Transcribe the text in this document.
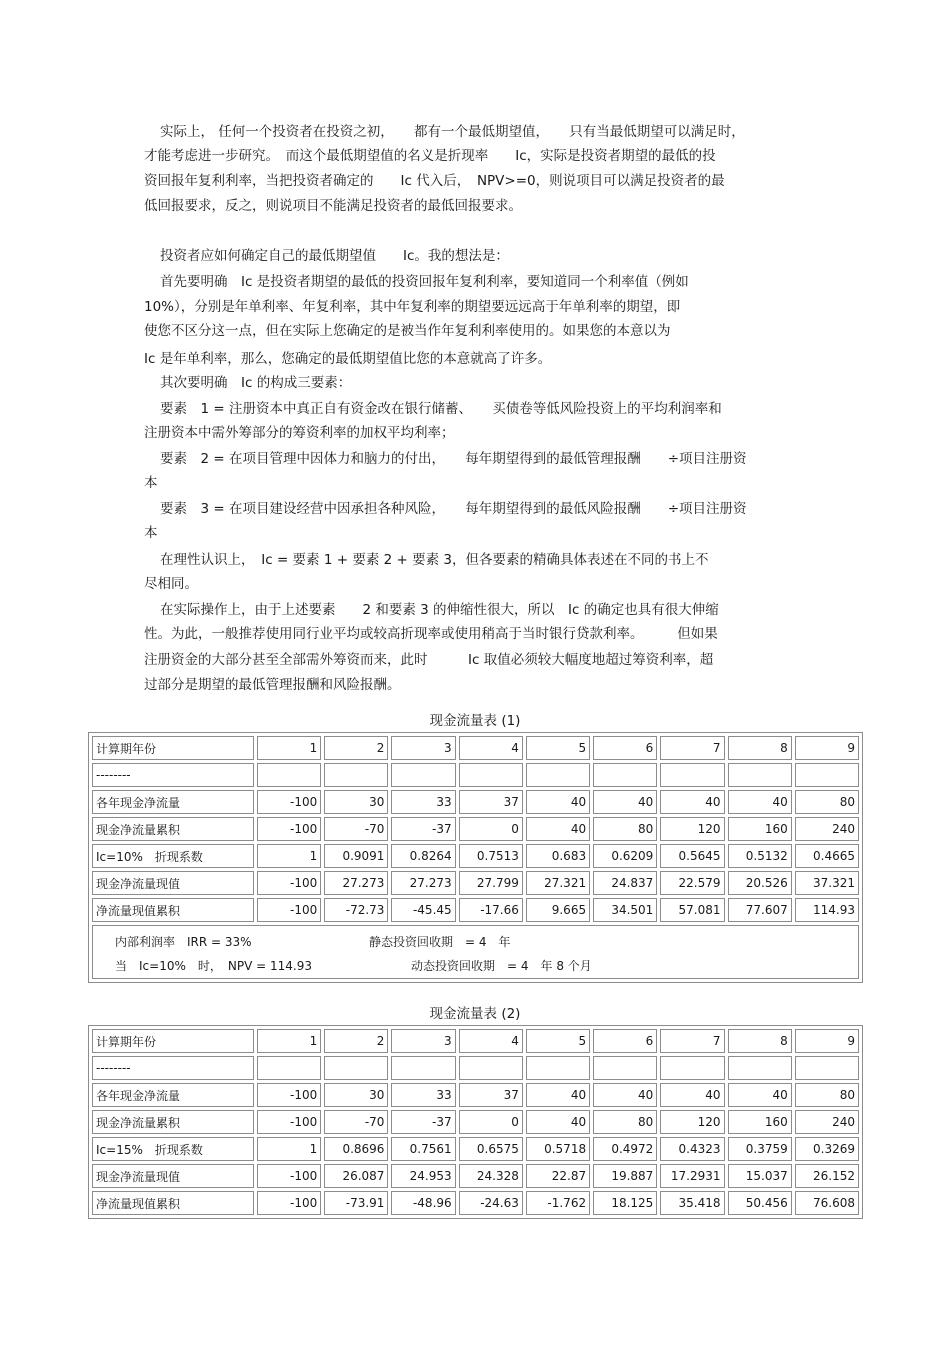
实际上， 任何一个投资者在投资之初，　　都有一个最低期望值，　　只有当最低期望可以满足时，
才能考虑进一步研究。　而这个最低期望值的名义是折现率　　Ic，实际是投资者期望的最低的投
资回报年复利利率，当把投资者确定的　　Ic 代入后，　NPV>=0，则说项目可以满足投资者的最
低回报要求，反之，则说项目不能满足投资者的最低回报要求。
投资者应如何确定自己的最低期望值　　Ic。我的想法是：
首先要明确　Ic 是投资者期望的最低的投资回报年复利利率，要知道同一个利率值（例如
10%），分别是年单利率、年复利率，其中年复利率的期望要远远高于年单利率的期望，即
使您不区分这一点，但在实际上您确定的是被当作年复利利率使用的。如果您的本意以为
Ic 是年单利率，那么，您确定的最低期望值比您的本意就高了许多。
其次要明确　Ic 的构成三要素：
要素　1 = 注册资本中真正自有资金改在银行储蓄、　　买债卷等低风险投资上的平均利润率和
注册资本中需外筹部分的筹资利率的加权平均利率；
要素　2 = 在项目管理中因体力和脑力的付出，　　每年期望得到的最低管理报酬　　÷项目注册资
本
要素　3 = 在项目建设经营中因承担各种风险，　　每年期望得到的最低风险报酬　　÷项目注册资
本
在理性认识上，　Ic = 要素 1 + 要素 2 + 要素 3，但各要素的精确具体表述在不同的书上不
尽相同。
在实际操作上，由于上述要素　　2 和要素 3 的伸缩性很大，所以　Ic 的确定也具有很大伸缩
性。为此，一般推荐使用同行业平均或较高折现率或使用稍高于当时银行贷款利率。　　　但如果
注册资金的大部分甚至全部需外筹资而来，此时　　　Ic 取值必须较大幅度地超过筹资利率，超
过部分是期望的最低管理报酬和风险报酬。
现金流量表 (1)
计算期年份	1	2	3	4	5	6	7	8	9
--------									
各年现金净流量	-100	30	33	37	40	40	40	40	80
现金净流量累积	-100	-70	-37	0	40	80	120	160	240
Ic=10%　折现系数	1	0.9091	0.8264	0.7513	0.683	0.6209	0.5645	0.5132	0.4665
现金净流量现值	-100	27.273	27.273	27.799	27.321	24.837	22.579	20.526	37.321
净流量现值累积	-100	-72.73	-45.45	-17.66	9.665	34.501	57.081	77.607	114.93

内部利润率　IRR = 33% 静态投资回收期　= 4　年
当　Ic=10%　时，　NPV = 114.93 动态投资回收期　= 4　年 8 个月									
现金流量表 (2)
计算期年份	1	2	3	4	5	6	7	8	9
--------									
各年现金净流量	-100	30	33	37	40	40	40	40	80
现金净流量累积	-100	-70	-37	0	40	80	120	160	240
Ic=15%　折现系数	1	0.8696	0.7561	0.6575	0.5718	0.4972	0.4323	0.3759	0.3269
现金净流量现值	-100	26.087	24.953	24.328	22.87	19.887	17.2931	15.037	26.152
净流量现值累积	-100	-73.91	-48.96	-24.63	-1.762	18.125	35.418	50.456	76.608
